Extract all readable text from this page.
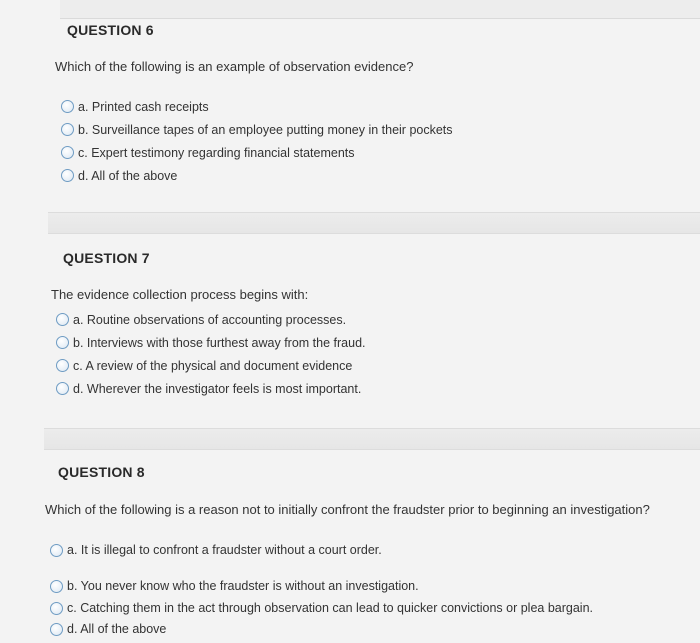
QUESTION 6
Which of the following is an example of observation evidence?
a. Printed cash receipts
b. Surveillance tapes of an employee putting money in their pockets
c. Expert testimony regarding financial statements
d. All of the above
QUESTION 7
The evidence collection process begins with:
a. Routine observations of accounting processes.
b. Interviews with those furthest away from the fraud.
c. A review of the physical and document evidence
d. Wherever the investigator feels is most important.
QUESTION 8
Which of the following is a reason not to initially confront the fraudster prior to beginning an investigation?
a. It is illegal to confront a fraudster without a court order.
b. You never know who the fraudster is without an investigation.
c. Catching them in the act through observation can lead to quicker convictions or plea bargain.
d. All of the above
